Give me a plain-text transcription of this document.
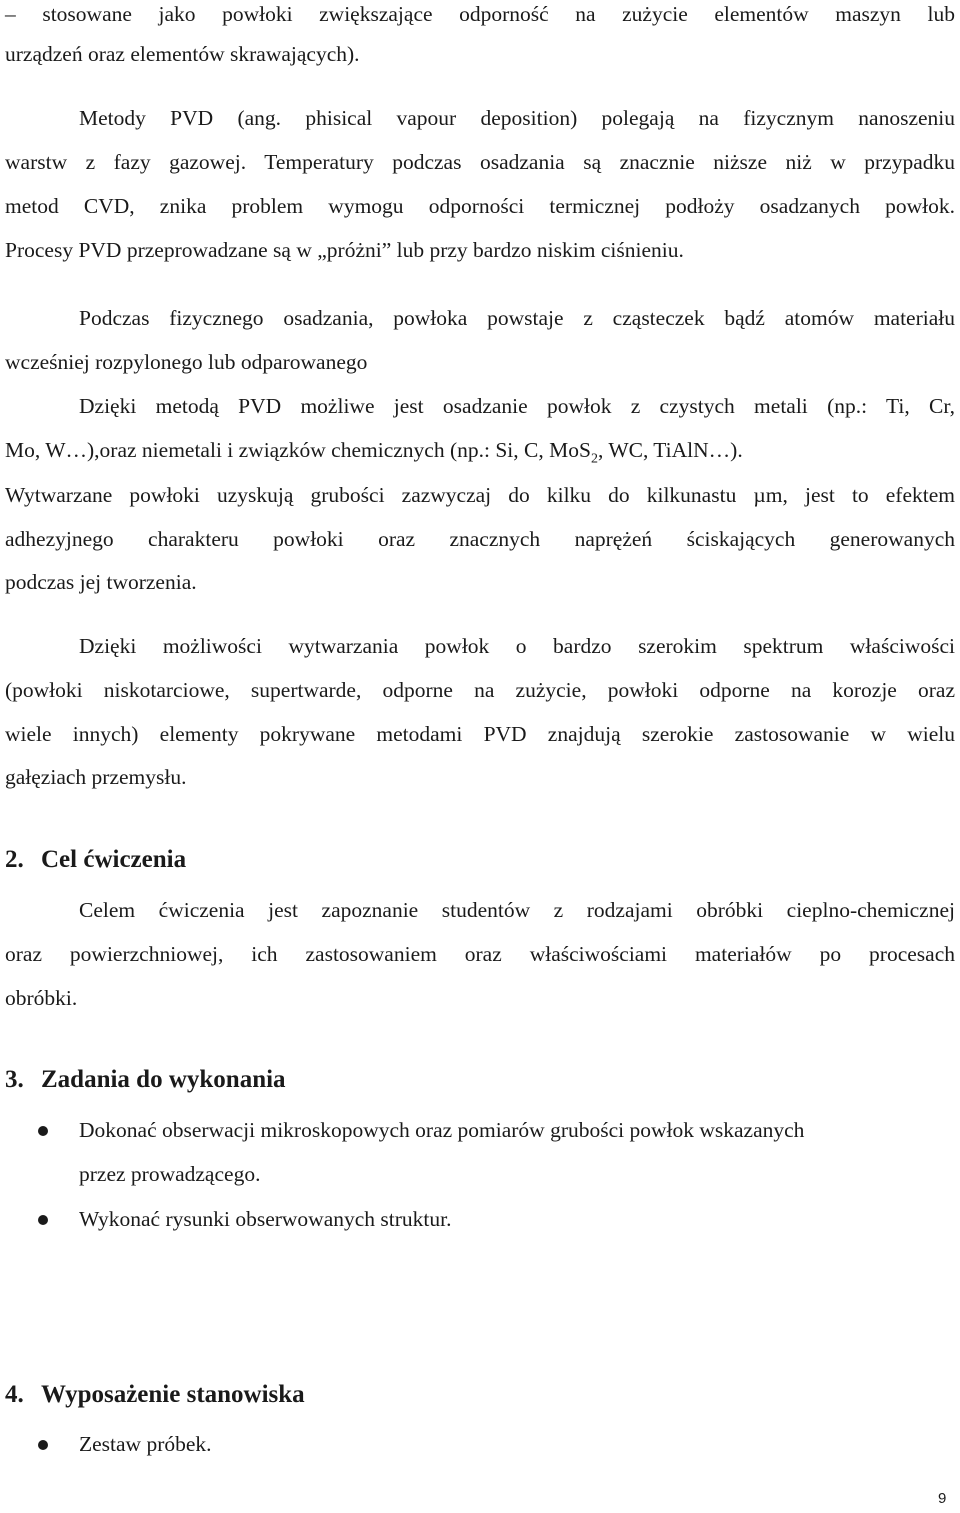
– stosowane jako powłoki zwiększające odporność na zużycie elementów maszyn lub
urządzeń oraz elementów skrawających).
Metody PVD (ang. phisical vapour deposition) polegają na fizycznym nanoszeniu
warstw z fazy gazowej. Temperatury podczas osadzania są znacznie niższe niż w przypadku
metod CVD, znika problem wymogu odporności termicznej podłoży osadzanych powłok.
Procesy PVD przeprowadzane są w „próżni” lub przy bardzo niskim ciśnieniu.
Podczas fizycznego osadzania, powłoka powstaje z cząsteczek bądź atomów materiału
wcześniej rozpylonego lub odparowanego
Dzięki metodą PVD możliwe jest osadzanie powłok z czystych metali (np.: Ti, Cr,
Mo, W…),oraz niemetali i związków chemicznych (np.: Si, C, MoS$_2$, WC, TiAlN…).
Wytwarzane powłoki uzyskują grubości zazwyczaj do kilku do kilkunastu µm, jest to efektem
adhezyjnego charakteru powłoki oraz znacznych naprężeń ściskających generowanych
podczas jej tworzenia.
Dzięki możliwości wytwarzania powłok o bardzo szerokim spektrum właściwości
(powłoki niskotarciowe, supertwarde, odporne na zużycie, powłoki odporne na korozje oraz
wiele innych) elementy pokrywane metodami PVD znajdują szerokie zastosowanie w wielu
gałęziach przemysłu.
2. Cel ćwiczenia
Celem ćwiczenia jest zapoznanie studentów z rodzajami obróbki cieplno-chemicznej
oraz powierzchniowej, ich zastosowaniem oraz właściwościami materiałów po procesach
obróbki.
3. Zadania do wykonania
Dokonać obserwacji mikroskopowych oraz pomiarów grubości powłok wskazanych
przez prowadzącego.
Wykonać rysunki obserwowanych struktur.
4. Wyposażenie stanowiska
Zestaw próbek.
9
